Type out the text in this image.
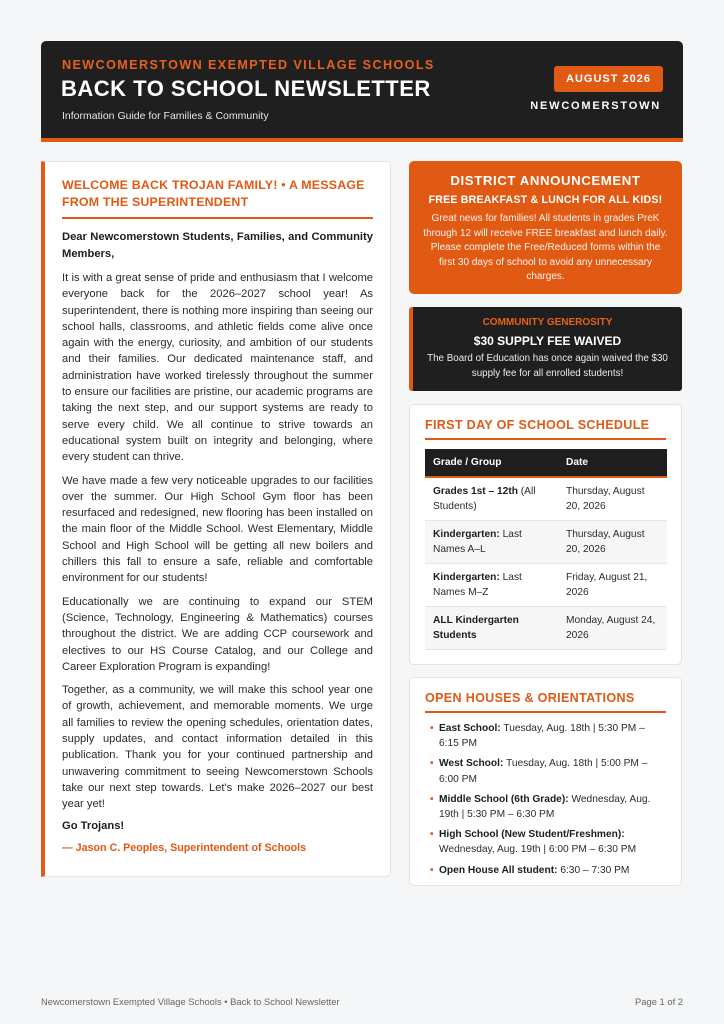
NEWCOMERSTOWN EXEMPTED VILLAGE SCHOOLS
BACK TO SCHOOL NEWSLETTER
Information Guide for Families & Community
AUGUST 2026
NEWCOMERSTOWN
WELCOME BACK TROJAN FAMILY! • A MESSAGE FROM THE SUPERINTENDENT
Dear Newcomerstown Students, Families, and Community Members,

It is with a great sense of pride and enthusiasm that I welcome everyone back for the 2026–2027 school year! As superintendent, there is nothing more inspiring than seeing our school halls, classrooms, and athletic fields come alive once again with the energy, curiosity, and ambition of our students and their families. Our dedicated maintenance staff, and administration have worked tirelessly throughout the summer to ensure our facilities are pristine, our academic programs are taking the next step, and our support systems are ready to serve every child. We all continue to strive towards an educational system built on integrity and belonging, where every student can thrive.

We have made a few very noticeable upgrades to our facilities over the summer. Our High School Gym floor has been resurfaced and redesigned, new flooring has been installed on the main floor of the Middle School. West Elementary, Middle School and High School will be getting all new boilers and chillers this fall to ensure a safe, reliable and comfortable environment for our students!

Educationally we are continuing to expand our STEM (Science, Technology, Engineering & Mathematics) courses throughout the district. We are adding CCP coursework and electives to our HS Course Catalog, and our College and Career Exploration Program is expanding!

Together, as a community, we will make this school year one of growth, achievement, and memorable moments. We urge all families to review the opening schedules, orientation dates, supply updates, and contact information detailed in this publication. Thank you for your continued partnership and unwavering commitment to seeing Newcomerstown Schools take our next step towards. Let's make 2026–2027 our best year yet!

Go Trojans!
— Jason C. Peoples, Superintendent of Schools
DISTRICT ANNOUNCEMENT
FREE BREAKFAST & LUNCH FOR ALL KIDS!
Great news for families! All students in grades PreK through 12 will receive FREE breakfast and lunch daily. Please complete the Free/Reduced forms within the first 30 days of school to avoid any unnecessary charges.
COMMUNITY GENEROSITY
$30 SUPPLY FEE WAIVED
The Board of Education has once again waived the $30 supply fee for all enrolled students!
FIRST DAY OF SCHOOL SCHEDULE
Grade / Group	Date
Grades 1st – 12th (All Students)	Thursday, August 20, 2026
Kindergarten: Last Names A–L	Thursday, August 20, 2026
Kindergarten: Last Names M–Z	Friday, August 21, 2026
ALL Kindergarten Students	Monday, August 24, 2026
OPEN HOUSES & ORIENTATIONS
• East School: Tuesday, Aug. 18th | 5:30 PM – 6:15 PM
• West School: Tuesday, Aug. 18th | 5:00 PM – 6:00 PM
• Middle School (6th Grade): Wednesday, Aug. 19th | 5:30 PM – 6:30 PM
• High School (New Student/Freshmen): Wednesday, Aug. 19th | 6:00 PM – 6:30 PM
• Open House All student: 6:30 – 7:30 PM
Newcomerstown Exempted Village Schools • Back to School Newsletter	Page 1 of 2
